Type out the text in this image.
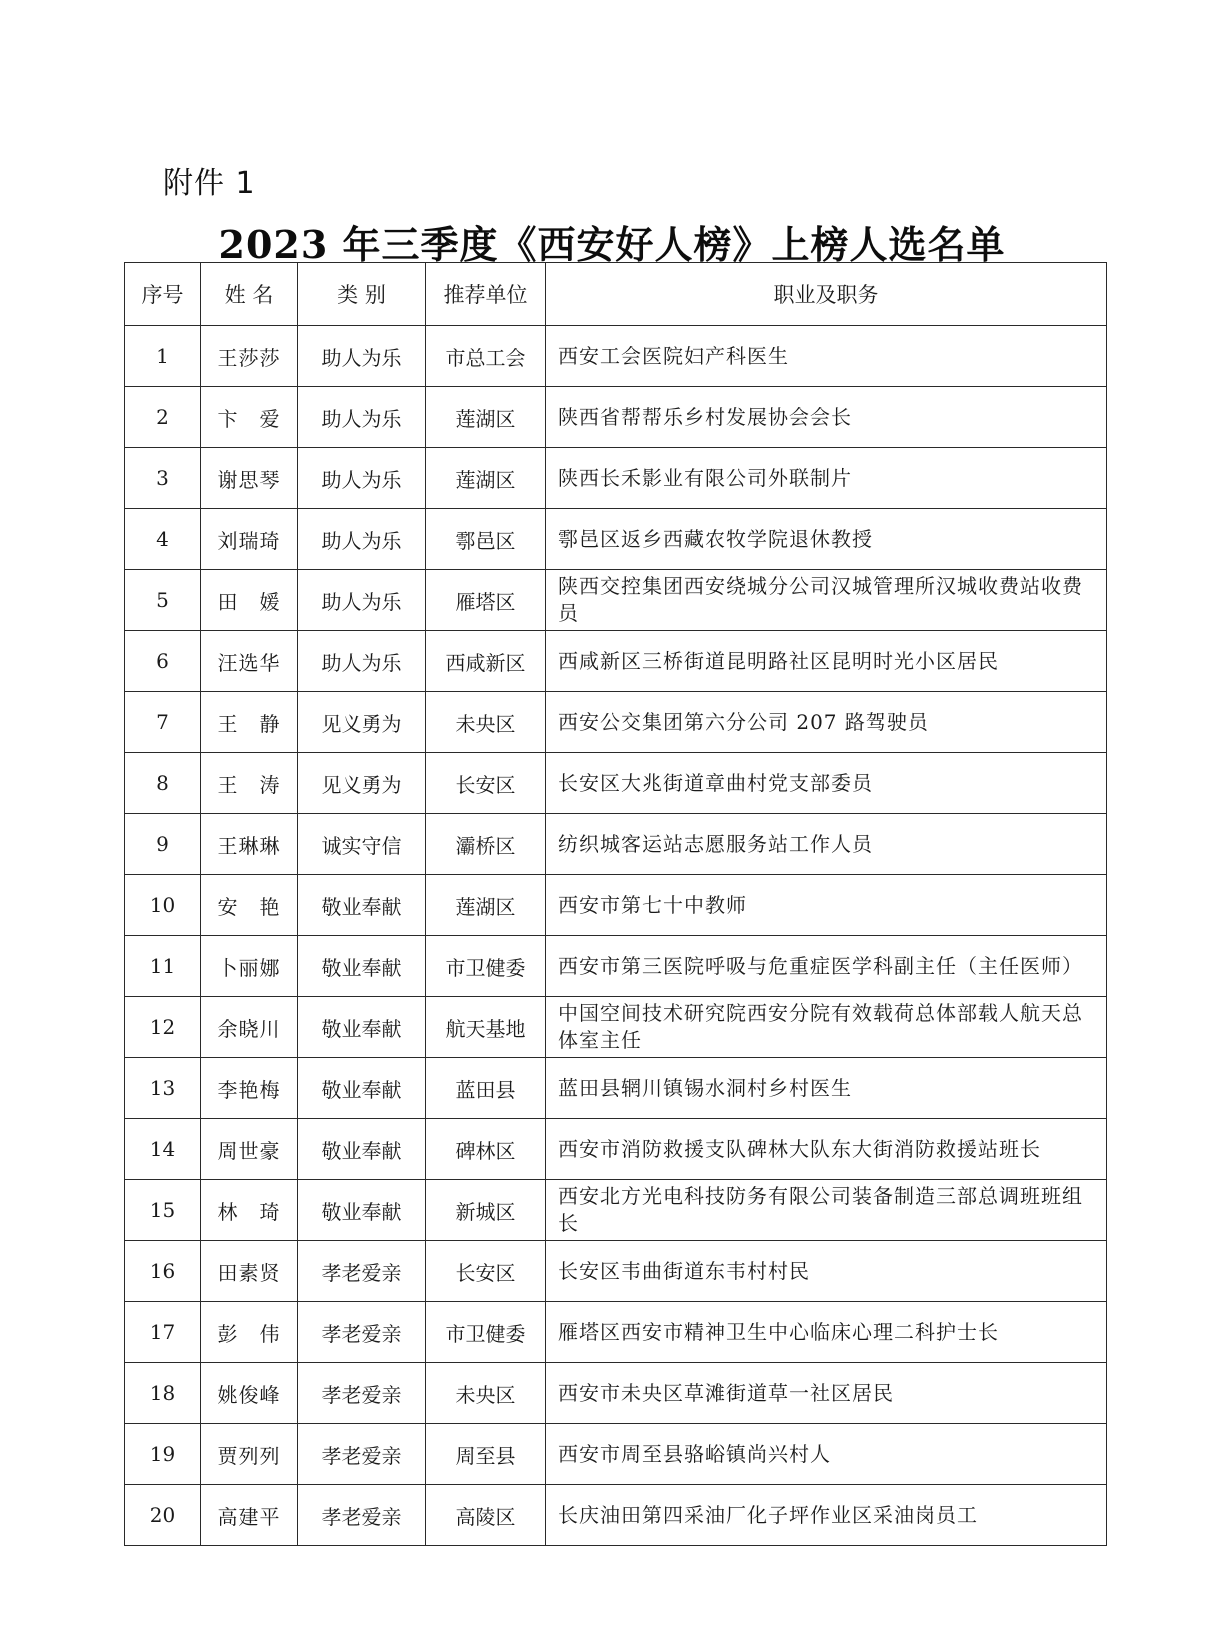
附件 1
2023 年三季度《西安好人榜》上榜人选名单
序号	姓 名	类 别	推荐单位	职业及职务
1	王莎莎	助人为乐	市总工会	西安工会医院妇产科医生
2	卞　爱	助人为乐	莲湖区	陕西省帮帮乐乡村发展协会会长
3	谢思琴	助人为乐	莲湖区	陕西长禾影业有限公司外联制片
4	刘瑞琦	助人为乐	鄠邑区	鄠邑区返乡西藏农牧学院退休教授
5	田　媛	助人为乐	雁塔区	陕西交控集团西安绕城分公司汉城管理所汉城收费站收费员
6	汪选华	助人为乐	西咸新区	西咸新区三桥街道昆明路社区昆明时光小区居民
7	王　静	见义勇为	未央区	西安公交集团第六分公司 207 路驾驶员
8	王　涛	见义勇为	长安区	长安区大兆街道章曲村党支部委员
9	王琳琳	诚实守信	灞桥区	纺织城客运站志愿服务站工作人员
10	安　艳	敬业奉献	莲湖区	西安市第七十中教师
11	卜丽娜	敬业奉献	市卫健委	西安市第三医院呼吸与危重症医学科副主任（主任医师）
12	余晓川	敬业奉献	航天基地	中国空间技术研究院西安分院有效载荷总体部载人航天总体室主任
13	李艳梅	敬业奉献	蓝田县	蓝田县辋川镇锡水洞村乡村医生
14	周世豪	敬业奉献	碑林区	西安市消防救援支队碑林大队东大街消防救援站班长
15	林　琦	敬业奉献	新城区	西安北方光电科技防务有限公司装备制造三部总调班班组长
16	田素贤	孝老爱亲	长安区	长安区韦曲街道东韦村村民
17	彭　伟	孝老爱亲	市卫健委	雁塔区西安市精神卫生中心临床心理二科护士长
18	姚俊峰	孝老爱亲	未央区	西安市未央区草滩街道草一社区居民
19	贾列列	孝老爱亲	周至县	西安市周至县骆峪镇尚兴村人
20	高建平	孝老爱亲	高陵区	长庆油田第四采油厂化子坪作业区采油岗员工
